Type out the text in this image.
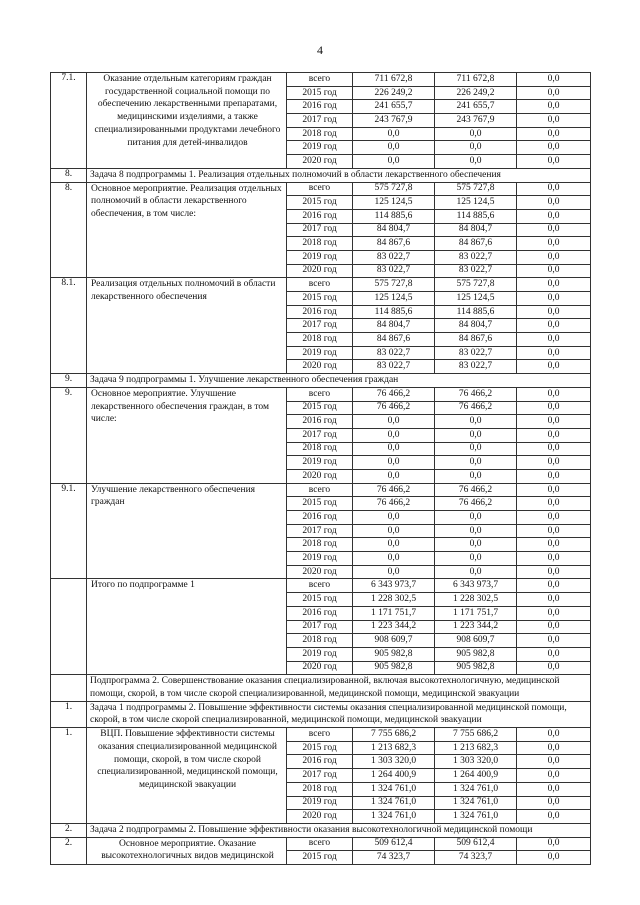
4
7.1.	Оказание отдельным категориям граждан государственной социальной помощи по обеспечению лекарственными препаратами, медицинскими изделиями, а также специализированными продуктами лечебного питания для детей-инвалидов	всего	711 672,8	711 672,8	0,0
		2015 год	226 249,2	226 249,2	0,0
		2016 год	241 655,7	241 655,7	0,0
		2017 год	243 767,9	243 767,9	0,0
		2018 год	0,0	0,0	0,0
		2019 год	0,0	0,0	0,0
		2020 год	0,0	0,0	0,0
8.	Задача 8 подпрограммы 1. Реализация отдельных полномочий в области лекарственного обеспечения				
8.	Основное мероприятие. Реализация отдельных полномочий в области лекарственного обеспечения, в том числе:	всего	575 727,8	575 727,8	0,0
		2015 год	125 124,5	125 124,5	0,0
		2016 год	114 885,6	114 885,6	0,0
		2017 год	84 804,7	84 804,7	0,0
		2018 год	84 867,6	84 867,6	0,0
		2019 год	83 022,7	83 022,7	0,0
		2020 год	83 022,7	83 022,7	0,0
8.1.	Реализация отдельных полномочий в области лекарственного обеспечения	всего	575 727,8	575 727,8	0,0
		2015 год	125 124,5	125 124,5	0,0
		2016 год	114 885,6	114 885,6	0,0
		2017 год	84 804,7	84 804,7	0,0
		2018 год	84 867,6	84 867,6	0,0
		2019 год	83 022,7	83 022,7	0,0
		2020 год	83 022,7	83 022,7	0,0
9.	Задача 9 подпрограммы 1. Улучшение лекарственного обеспечения граждан				
9.	Основное мероприятие. Улучшение лекарственного обеспечения граждан, в том числе:	всего	76 466,2	76 466,2	0,0
		2015 год	76 466,2	76 466,2	0,0
		2016 год	0,0	0,0	0,0
		2017 год	0,0	0,0	0,0
		2018 год	0,0	0,0	0,0
		2019 год	0,0	0,0	0,0
		2020 год	0,0	0,0	0,0
9.1.	Улучшение лекарственного обеспечения граждан	всего	76 466,2	76 466,2	0,0
		2015 год	76 466,2	76 466,2	0,0
		2016 год	0,0	0,0	0,0
		2017 год	0,0	0,0	0,0
		2018 год	0,0	0,0	0,0
		2019 год	0,0	0,0	0,0
		2020 год	0,0	0,0	0,0
	Итого по подпрограмме 1	всего	6 343 973,7	6 343 973,7	0,0
		2015 год	1 228 302,5	1 228 302,5	0,0
		2016 год	1 171 751,7	1 171 751,7	0,0
		2017 год	1 223 344,2	1 223 344,2	0,0
		2018 год	908 609,7	908 609,7	0,0
		2019 год	905 982,8	905 982,8	0,0
		2020 год	905 982,8	905 982,8	0,0
	Подпрограмма 2. Совершенствование оказания специализированной, включая высокотехнологичную, медицинской помощи, скорой, в том числе скорой специализированной, медицинской помощи, медицинской эвакуации				
1.	Задача 1 подпрограммы 2. Повышение эффективности системы оказания специализированной медицинской помощи, скорой, в том числе скорой специализированной, медицинской помощи, медицинской эвакуации				
1.	ВЦП. Повышение эффективности системы оказания специализированной медицинской помощи, скорой, в том числе скорой специализированной, медицинской помощи, медицинской эвакуации	всего	7 755 686,2	7 755 686,2	0,0
		2015 год	1 213 682,3	1 213 682,3	0,0
		2016 год	1 303 320,0	1 303 320,0	0,0
		2017 год	1 264 400,9	1 264 400,9	0,0
		2018 год	1 324 761,0	1 324 761,0	0,0
		2019 год	1 324 761,0	1 324 761,0	0,0
		2020 год	1 324 761,0	1 324 761,0	0,0
2.	Задача 2 подпрограммы 2. Повышение эффективности оказания высокотехнологичной медицинской помощи				
2.	Основное мероприятие. Оказание высокотехнологичных видов медицинской	всего	509 612,4	509 612,4	0,0
		2015 год	74 323,7	74 323,7	0,0
